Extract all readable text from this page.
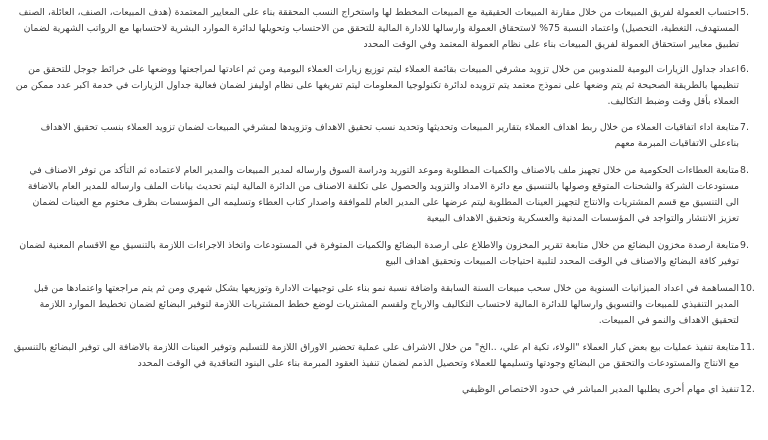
5.
احتساب العمولة لفريق المبيعات من خلال مقارنة المبيعات الحقيقية مع المبيعات المخطط لها واستخراج النسب المحققة بناء على المعايير المعتمدة (هدف المبيعات، الصنف، العائلة، الصنف المستهدف، التغطية، التحصيل) واعتماد النسبة 75% لاستحقاق العمولة وارسالها للادارة المالية للتحقق من الاحتساب وتحويلها لدائرة الموارد البشرية لاحتسابها مع الرواتب الشهرية لضمان تطبيق معايير استحقاق العمولة لفريق المبيعات بناء على نظام العمولة المعتمد وفي الوقت المحدد
6.
اعداد جداول الزيارات اليومية للمندوبين من خلال تزويد مشرفي المبيعات بقائمة العملاء ليتم توزيع زيارات العملاء اليومية ومن ثم اعادتها لمراجعتها ووضعها على خرائط جوجل للتحقق من تنظيمها بالطريقة الصحيحة ثم يتم وضعها على نموذج معتمد يتم تزويده لدائرة تكنولوجيا المعلومات ليتم تفريغها على نظام اوليفز لضمان فعالية جداول الزيارات في خدمة اكبر عدد ممكن من العملاء بأقل وقت وضبط التكاليف.
7.
متابعة اداء اتفاقيات العملاء من خلال ربط اهداف العملاء بتقارير المبيعات وتحديثها وتحديد نسب تحقيق الاهداف وتزويدها لمشرفي المبيعات لضمان تزويد العملاء بنسب تحقيق الاهداف بناءعلى الاتفاقيات المبرمة معهم
8.
متابعة العطاءات الحكومية من خلال تجهيز ملف بالاصناف والكميات المطلوبة وموعد التوريد ودراسة السوق وارساله لمدير المبيعات والمدير العام لاعتماده ثم التأكد من توفر الاصناف في مستودعات الشركة والشحنات المتوقع وصولها بالتنسيق مع دائرة الامداد والتزويد والحصول على تكلفة الاصناف من الدائرة المالية ليتم تحديث بيانات الملف وارساله للمدير العام بالاضافة الى التنسيق مع قسم المشتريات والانتاج لتجهيز العينات المطلوبة ليتم عرضها على المدير العام للموافقة واصدار كتاب العطاء وتسليمه الى المؤسسات بظرف مختوم مع العينات لضمان تعزيز الانتشار والتواجد في المؤسسات المدنية والعسكرية وتحقيق الاهداف البيعية
9.
متابعة ارصدة مخزون البضائع من خلال متابعة تقرير المخزون والاطلاع على ارصدة البضائع والكميات المتوفرة في المستودعات واتخاذ الاجراءات اللازمة بالتنسيق مع الاقسام المعنية لضمان توفير كافة البضائع والاصناف في الوقت المحدد لتلبية احتياجات المبيعات وتحقيق اهداف البيع
10.
المساهمة في اعداد الميزانيات السنوية من خلال سحب مبيعات السنة السابقة واضافة نسبة نمو بناء على توجيهات الادارة وتوزيعها بشكل شهري ومن ثم يتم مراجعتها واعتمادها من قبل المدير التنفيذي للمبيعات والتسويق وارسالها للدائرة المالية لاحتساب التكاليف والارباح ولقسم المشتريات لوضع خطط المشتريات اللازمة لتوفير البضائع لضمان تخطيط الموارد اللازمة لتحقيق الاهداف والنمو في المبيعات.
11.
متابعة تنفيذ عمليات بيع بعض كبار العملاء "الولاء، تكية ام علي، ..الخ" من خلال الاشراف على عملية تحضير الاوراق اللازمة للتسليم وتوفير العينات اللازمة بالاضافة الى توفير البضائع بالتنسيق مع الانتاج والمستودعات والتحقق من البضائع وجودتها وتسليمها للعملاء وتحصيل الذمم لضمان تنفيذ العقود المبرمة بناء على البنود التعاقدية في الوقت المحدد
12.
تنفيذ اي مهام أخرى يطلبها المدير المباشر في حدود الاختصاص الوظيفي
